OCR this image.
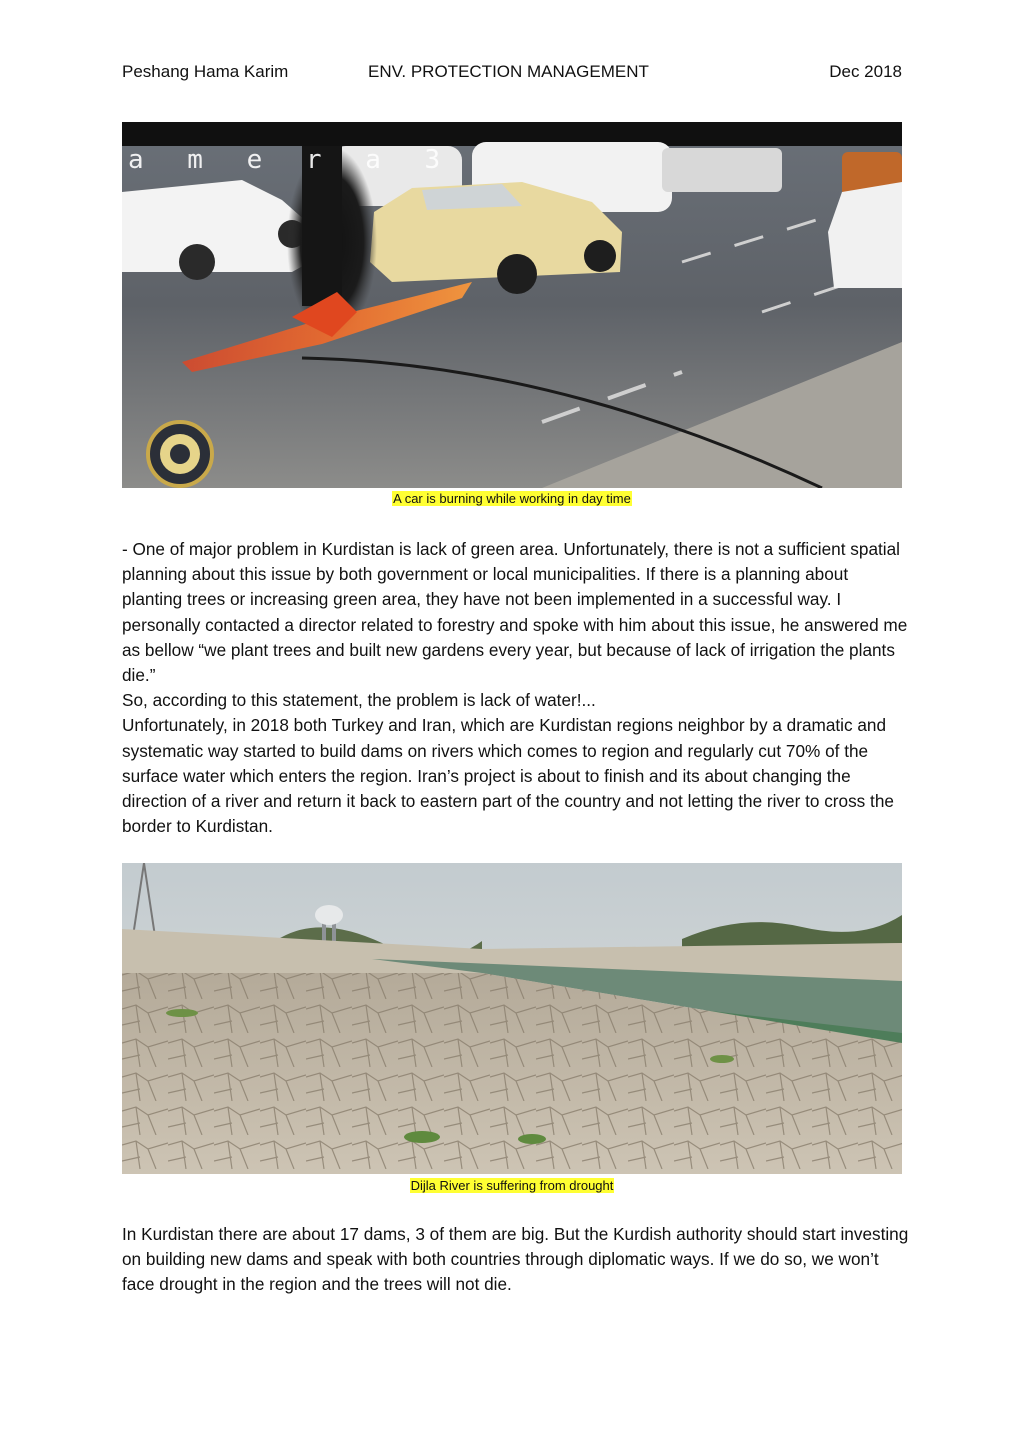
Peshang Hama Karim	ENV. PROTECTION MANAGEMENT	Dec 2018
a m e r a 3
A car is burning while working in day time

- One of major problem in Kurdistan is lack of green area. Unfortunately, there is not a sufficient spatial planning about this issue by both government or local municipalities. If there is a planning about planting trees or increasing green area, they have not been implemented in a successful way. I personally contacted a director related to forestry and spoke with him about this issue, he answered me as bellow “we plant trees and built new gardens every year, but because of lack of irrigation the plants die.”

So, according to this statement, the problem is lack of water!...

Unfortunately, in 2018 both Turkey and Iran, which are Kurdistan regions neighbor by a dramatic and systematic way started to build dams on rivers which comes to region and regularly cut 70% of the surface water which enters the region. Iran’s project is about to finish and its about changing the direction of a river and return it back to eastern part of the country and not letting the river to cross the border to Kurdistan.

Dijla River is suffering from drought

In Kurdistan there are about 17 dams, 3 of them are big. But the Kurdish authority should start investing on building new dams and speak with both countries through diplomatic ways. If we do so, we won’t face drought in the region and the trees will not die.
